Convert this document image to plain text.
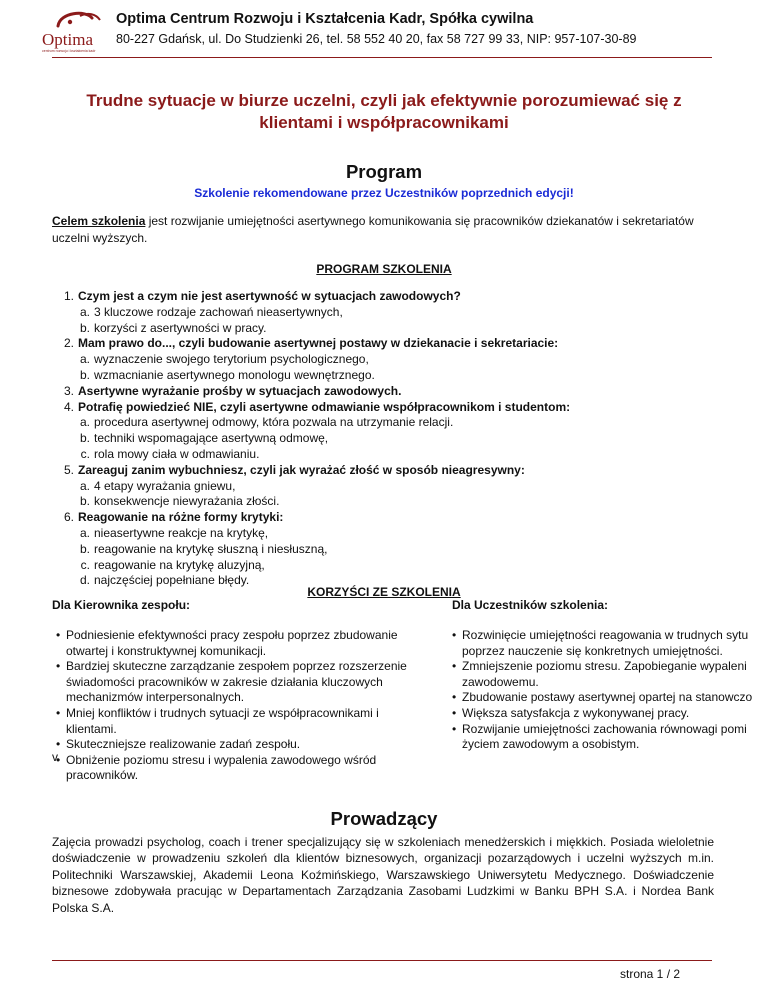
Optima
centrum rozwoju i kształcenia kadr
Optima Centrum Rozwoju i Kształcenia Kadr, Spółka cywilna
80-227 Gdańsk, ul. Do Studzienki 26, tel. 58 552 40 20, fax 58 727 99 33, NIP: 957-107-30-89
Trudne sytuacje w biurze uczelni, czyli jak efektywnie porozumiewać się z klientami i współpracownikami
Program
Szkolenie rekomendowane przez Uczestników poprzednich edycji!
Celem szkolenia jest rozwijanie umiejętności asertywnego komunikowania się pracowników dziekanatów i sekretariatów uczelni wyższych.
PROGRAM SZKOLENIA
1. Czym jest a czym nie jest asertywność w sytuacjach zawodowych?
a. 3 kluczowe rodzaje zachowań nieasertywnych,
b. korzyści z asertywności w pracy.
2. Mam prawo do..., czyli budowanie asertywnej postawy w dziekanacie i sekretariacie:
a. wyznaczenie swojego terytorium psychologicznego,
b. wzmacnianie asertywnego monologu wewnętrznego.
3. Asertywne wyrażanie prośby w sytuacjach zawodowych.
4. Potrafię powiedzieć NIE, czyli asertywne odmawianie współpracownikom i studentom:
a. procedura asertywnej odmowy, która pozwala na utrzymanie relacji.
b. techniki wspomagające asertywną odmowę,
c. rola mowy ciała w odmawianiu.
5. Zareaguj zanim wybuchniesz, czyli jak wyrażać złość w sposób nieagresywny:
a. 4 etapy wyrażania gniewu,
b. konsekwencje niewyrażania złości.
6. Reagowanie na różne formy krytyki:
a. nieasertywne reakcje na krytykę,
b. reagowanie na krytykę słuszną i niesłuszną,
c. reagowanie na krytykę aluzyjną,
d. najczęściej popełniane błędy.
KORZYŚCI ZE SZKOLENIA
Dla Kierownika zespołu:	Dla Uczestników szkolenia:
• Podniesienie efektywności pracy zespołu poprzez zbudowanie otwartej i konstruktywnej komunikacji.
• Bardziej skuteczne zarządzanie zespołem poprzez rozszerzenie świadomości pracowników w zakresie działania kluczowych mechanizmów interpersonalnych.
• Mniej konfliktów i trudnych sytuacji ze współpracownikami i klientami.
• Skuteczniejsze realizowanie zadań zespołu.
• Obniżenie poziomu stresu i wypalenia zawodowego wśród pracowników.
• Rozwinięcie umiejętności reagowania w trudnych sytu
poprzez nauczenie się konkretnych umiejętności.
• Zmniejszenie poziomu stresu. Zapobieganie wypaleni
zawodowemu.
• Zbudowanie postawy asertywnej opartej na stanowczo
• Większa satysfakcja z wykonywanej pracy.
• Rozwijanie umiejętności zachowania równowagi pomi
życiem zawodowym a osobistym.
v
Prowadzący
Zajęcia prowadzi psycholog, coach i trener specjalizujący się w szkoleniach menedżerskich i miękkich. Posiada wieloletnie doświadczenie w prowadzeniu szkoleń dla klientów biznesowych, organizacji pozarządowych i uczelni wyższych m.in. Politechniki Warszawskiej, Akademii Leona Koźmińskiego, Warszawskiego Uniwersytetu Medycznego. Doświadczenie biznesowe zdobywała pracując w Departamentach Zarządzania Zasobami Ludzkimi w Banku BPH S.A. i Nordea Bank Polska S.A.
strona 1 / 2
